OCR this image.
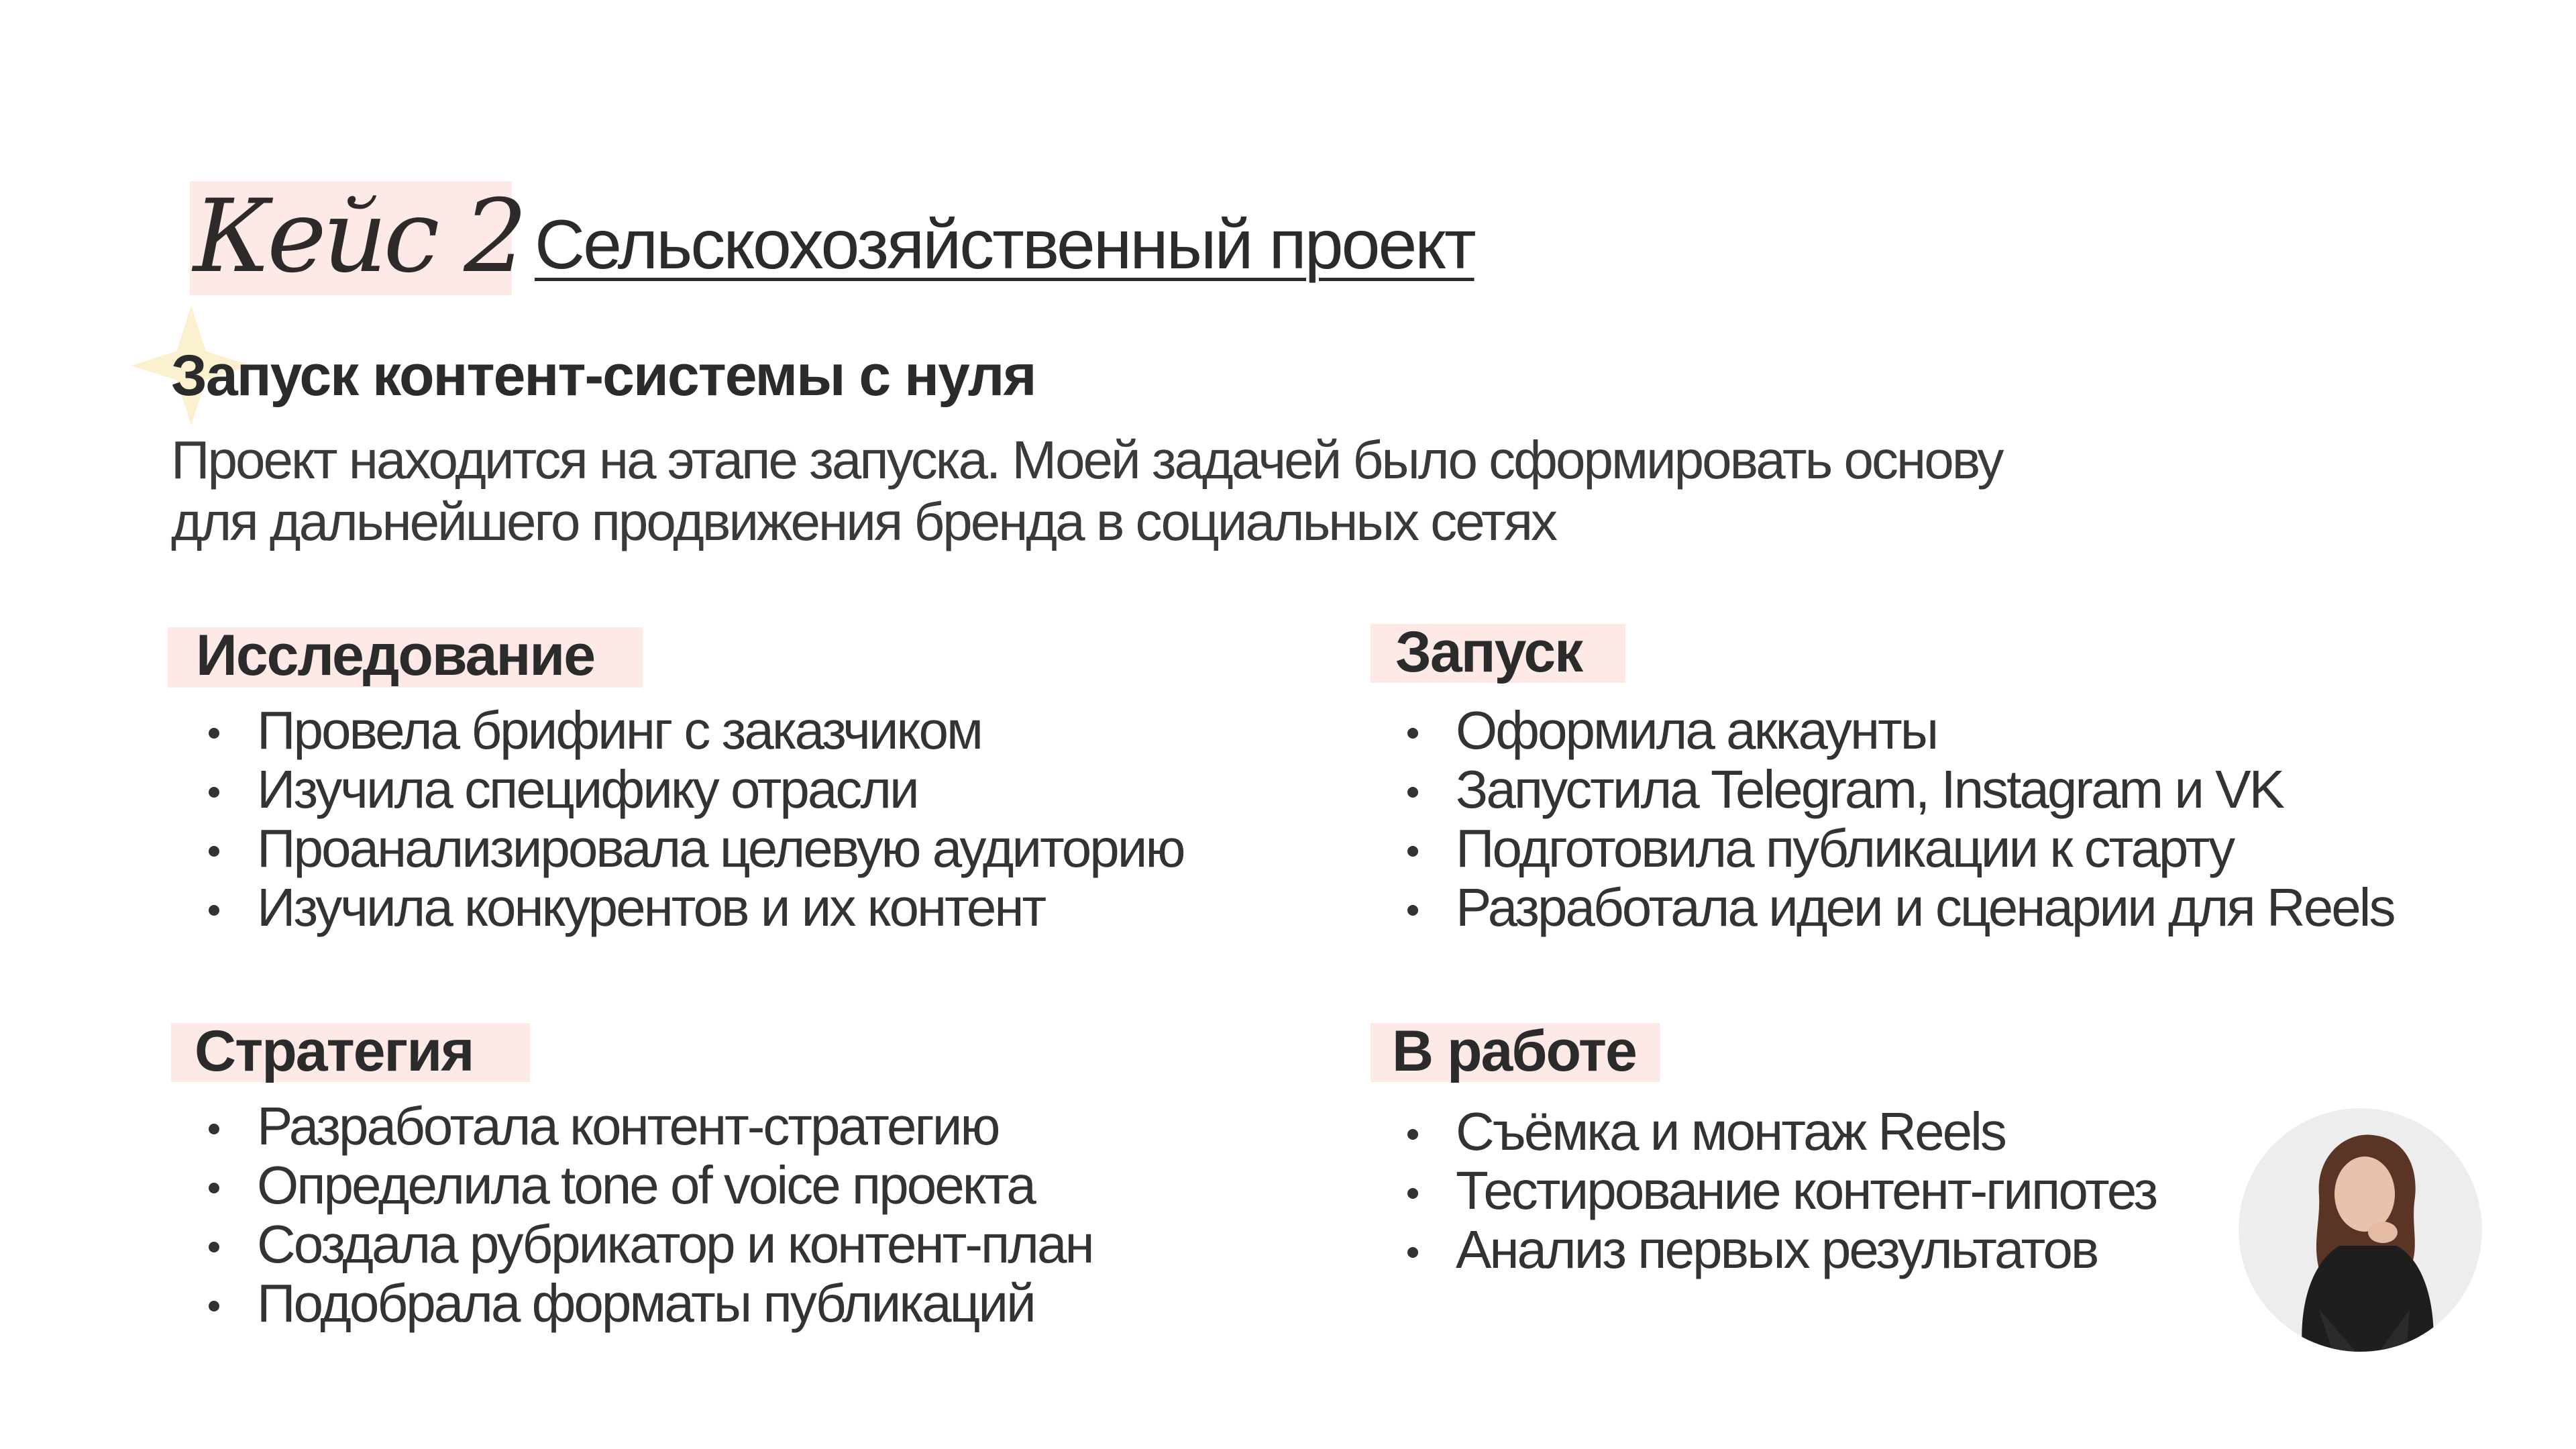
Кейс 2 Сельскохозяйственный проект
Запуск контент-системы с нуля
Проект находится на этапе запуска. Моей задачей было сформировать основу
для дальнейшего продвижения бренда в социальных сетях
Исследование
Провела брифинг с заказчиком
Изучила специфику отрасли
Проанализировала целевую аудиторию
Изучила конкурентов и их контент
Запуск
Оформила аккаунты
Запустила Telegram, Instagram и VK
Подготовила публикации к старту
Разработала идеи и сценарии для Reels
Стратегия
Разработала контент-стратегию
Определила tone of voice проекта
Создала рубрикатор и контент-план
Подобрала форматы публикаций
В работе
Съёмка и монтаж Reels
Тестирование контент-гипотез
Анализ первых результатов
